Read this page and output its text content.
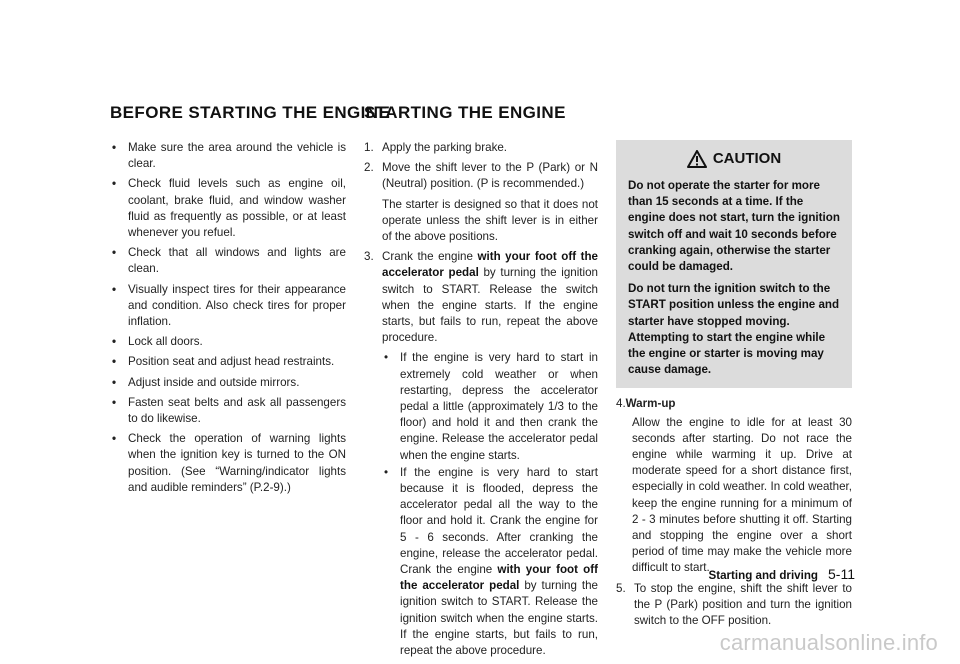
BEFORE STARTING THE ENGINE
STARTING THE ENGINE
• Make sure the area around the vehicle is clear.
• Check fluid levels such as engine oil, coolant, brake fluid, and window washer fluid as frequently as possible, or at least whenever you refuel.
• Check that all windows and lights are clean.
• Visually inspect tires for their appearance and condition. Also check tires for proper inflation.
• Lock all doors.
• Position seat and adjust head restraints.
• Adjust inside and outside mirrors.
• Fasten seat belts and ask all passengers to do likewise.
• Check the operation of warning lights when the ignition key is turned to the ON position. (See “Warning/indicator lights and audible reminders” (P.2-9).)
1. Apply the parking brake.

2. Move the shift lever to the P (Park) or N (Neutral) position. (P is recommended.)

The starter is designed so that it does not operate unless the shift lever is in either of the above positions.

3. Crank the engine with your foot off the accelerator pedal by turning the ignition switch to START. Release the switch when the engine starts. If the engine starts, but fails to run, repeat the above procedure.

• If the engine is very hard to start in extremely cold weather or when restarting, depress the accelerator pedal a little (approximately 1/3 to the floor) and hold it and then crank the engine. Release the accelerator pedal when the engine starts.
• If the engine is very hard to start because it is flooded, depress the accelerator pedal all the way to the floor and hold it. Crank the engine for 5 - 6 seconds. After cranking the engine, release the accelerator pedal. Crank the engine with your foot off the accelerator pedal by turning the ignition switch to START. Release the ignition switch when the engine starts. If the engine starts, but fails to run, repeat the above procedure.
CAUTION

Do not operate the starter for more than 15 seconds at a time. If the engine does not start, turn the ignition switch off and wait 10 seconds before cranking again, otherwise the starter could be damaged.

Do not turn the ignition switch to the START position unless the engine and starter have stopped moving. Attempting to start the engine while the engine or starter is moving may cause damage.

4.Warm-up
Allow the engine to idle for at least 30 seconds after starting. Do not race the engine while warming it up. Drive at moderate speed for a short distance first, especially in cold weather. In cold weather, keep the engine running for a minimum of 2 - 3 minutes before shutting it off. Starting and stopping the engine over a short period of time may make the vehicle more difficult to start.
5. To stop the engine, shift the shift lever to the P (Park) position and turn the ignition switch to the OFF position.

Starting and driving 5-11
carmanualsonline.info
